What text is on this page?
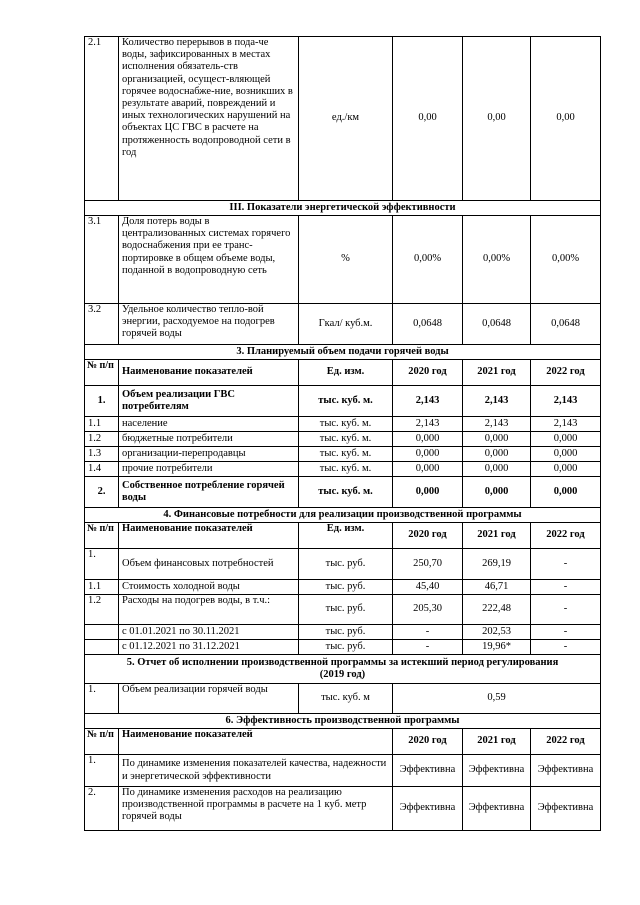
2.1	Количество перерывов в пода-че воды, зафиксированных в местах исполнения обязатель-ств организацией, осущест-вляющей горячее водоснабже-ние, возникших в результате аварий, повреждений и иных технологических нарушений на объектах ЦС ГВС в расчете на протяженность водопроводной сети в год	ед./км	0,00	0,00	0,00
III. Показатели энергетической эффективности					
3.1	Доля потерь воды в централизованных системах горячего водоснабжения при ее транс-портировке в общем объеме воды, поданной в водопроводную сеть	%	0,00%	0,00%	0,00%
3.2	Удельное количество тепло-вой энергии, расходуемое на подогрев горячей воды	Гкал/ куб.м.	0,0648	0,0648	0,0648
3. Планируемый объем подачи горячей воды					
№ п/п	Наименование показателей	Ед. изм.	2020 год	2021 год	2022 год
1.	Объем реализации ГВС потребителям	тыс. куб. м.	2,143	2,143	2,143
1.1	население	тыс. куб. м.	2,143	2,143	2,143
1.2	бюджетные потребители	тыс. куб. м.	0,000	0,000	0,000
1.3	организации-перепродавцы	тыс. куб. м.	0,000	0,000	0,000
1.4	прочие потребители	тыс. куб. м.	0,000	0,000	0,000
2.	Собственное потребление горячей воды	тыс. куб. м.	0,000	0,000	0,000
4. Финансовые потребности для реализации производственной программы					
№ п/п	Наименование показателей	Ед. изм.	2020 год	2021 год	2022 год
1.	Объем финансовых потребностей	тыс. руб.	250,70	269,19	-
1.1	Стоимость холодной воды	тыс. руб.	45,40	46,71	-
1.2	Расходы на подогрев воды, в т.ч.:	тыс. руб.	205,30	222,48	-
	с 01.01.2021 по 30.11.2021	тыс. руб.	-	202,53	-
	с 01.12.2021 по 31.12.2021	тыс. руб.	-	19,96*	-
5. Отчет об исполнении производственной программы за истекший период регулирования (2019 год)					
1.	Объем реализации горячей воды	тыс. куб. м	0,59		
6. Эффективность производственной программы					
№ п/п	Наименование показателей		2020 год	2021 год	2022 год
1.	По динамике изменения показателей качества, надежности и энергетической эффективности		Эффективна	Эффективна	Эффективна
2.	По динамике изменения расходов на реализацию производственной программы в расчете на 1 куб. метр горячей воды		Эффективна	Эффективна	Эффективна
